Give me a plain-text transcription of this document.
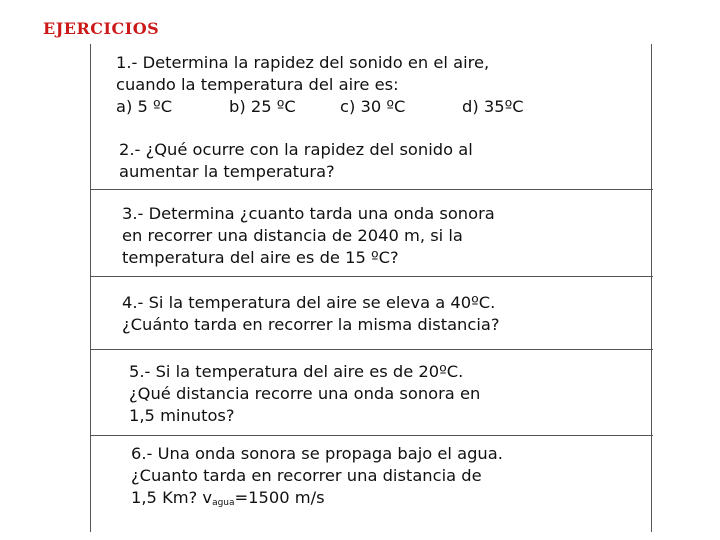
EJERCICIOS
1.- Determina la rapidez del sonido en el aire,
cuando la temperatura del aire es:
a) 5 ºC	b) 25 ºC	c) 30 ºC	d) 35ºC
2.- ¿Qué ocurre con la rapidez del sonido al
aumentar la temperatura?
3.- Determina ¿cuanto tarda una onda sonora
en recorrer una distancia de 2040 m, si la
temperatura del aire es de 15 ºC?
4.- Si la temperatura del aire se eleva a 40ºC.
¿Cuánto tarda en recorrer la misma distancia?
5.- Si la temperatura del aire es de 20ºC.
¿Qué distancia recorre una onda sonora en
1,5 minutos?
6.- Una onda sonora se propaga bajo el agua.
¿Cuanto tarda en recorrer una distancia de
1,5 Km? $v_{agua}=1500$ m/s
